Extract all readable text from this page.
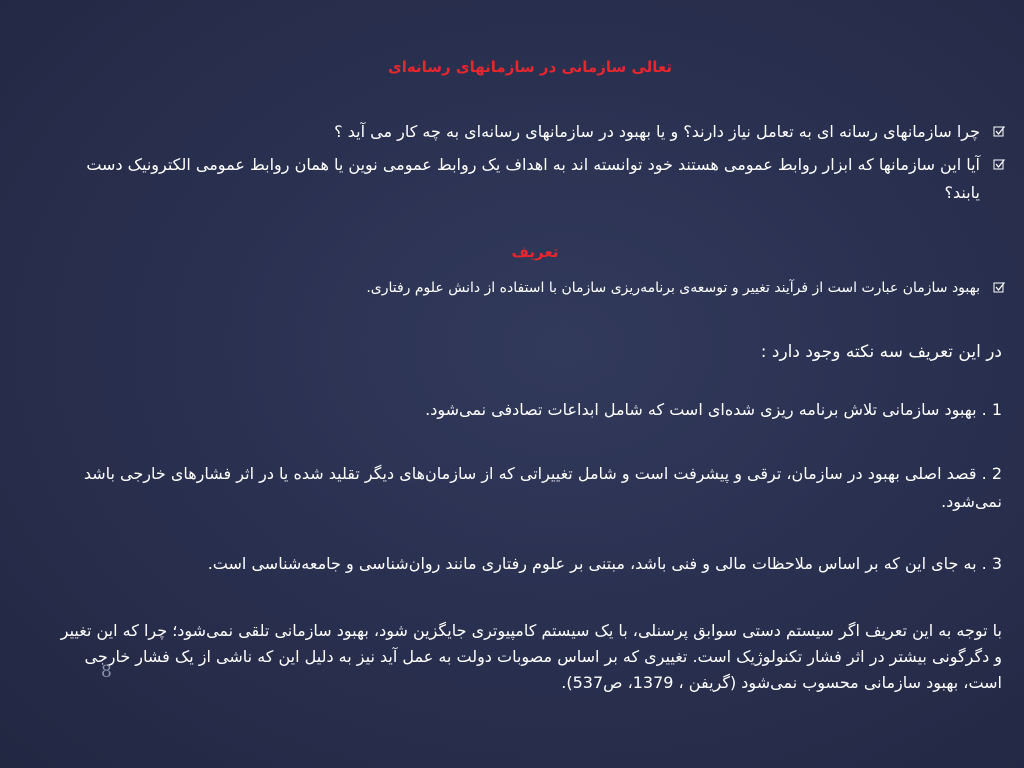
تعالی سازمانی در سازمانهای رسانه‌ای
چرا سازمانهای رسانه ای به تعامل نیاز دارند؟ و یا بهبود در سازمانهای رسانه‌ای به چه کار می آید ؟
آیا این سازمانها که ابزار روابط عمومی هستند خود توانسته اند به اهداف یک روابط عمومی نوین یا همان روابط عمومی الکترونیک دست یابند؟
تعریف
بهبود سازمان عبارت است از فرآیند تغییر و توسعه‌ی برنامه‌ریزی سازمان با استفاده از دانش علوم رفتاری.
در این تعریف سه نکته وجود دارد :
1 . بهبود سازمانی تلاش برنامه ریزی شده‌ای است که شامل ابداعات تصادفی نمی‌شود.
2 . قصد اصلی بهبود در سازمان، ترقی و پیشرفت است و شامل تغییراتی که از سازمان‌های دیگر تقلید شده یا در اثر فشارهای خارجی باشد نمی‌شود.
3 . به جای این که بر اساس ملاحظات مالی و فنی باشد، مبتنی بر علوم رفتاری مانند روان‌شناسی و جامعه‌شناسی است.
با توجه به این تعریف اگر سیستم دستی سوابق پرسنلی، با یک سیستم کامپیوتری جایگزین شود، بهبود سازمانی تلقی نمی‌شود؛ چرا که این تغییر و دگرگونی بیشتر در اثر فشار تکنولوژیک است. تغییری که بر اساس مصوبات دولت به عمل آید نیز به دلیل این که ناشی از یک فشار خارجی است، بهبود سازمانی محسوب نمی‌شود (گریفن ، 1379، ص537).
8
